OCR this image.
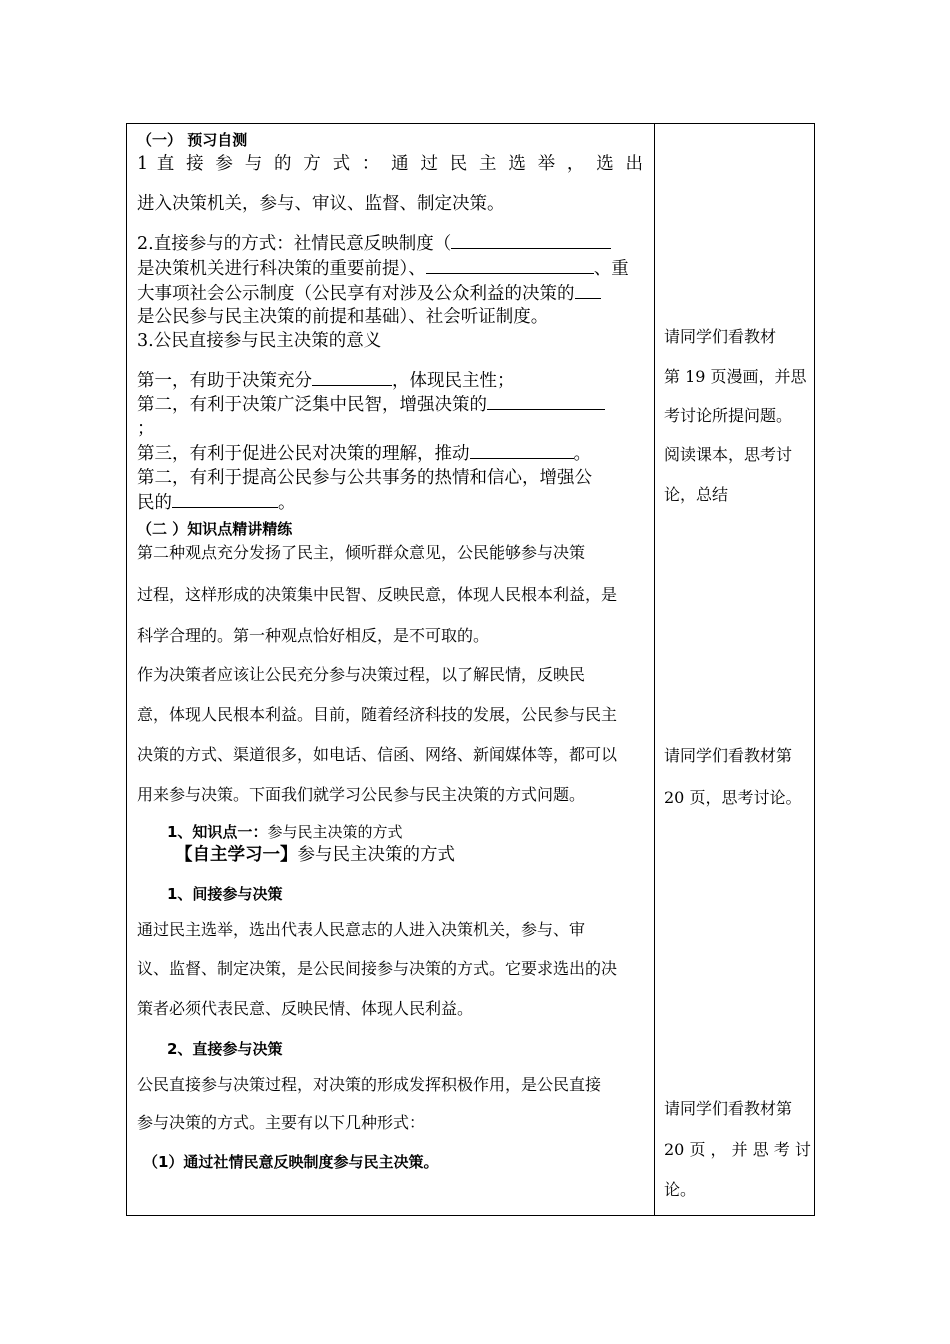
（一） 预习自测
1 直 接 参 与 的 方 式 ： 通 过 民 主 选 举 ， 选 出
进入决策机关，参与、审议、监督、制定决策。
2.直接参与的方式：社情民意反映制度（
是决策机关进行科决策的重要前提）、	、重
大事项社会公示制度（公民享有对涉及公众利益的决策的
是公民参与民主决策的前提和基础）、社会听证制度。
3.公民直接参与民主决策的意义
第一，有助于决策充分	，体现民主性；
第二，有利于决策广泛集中民智，增强决策的
；
第三，有利于促进公民对决策的理解，推动	。
第二，有利于提高公民参与公共事务的热情和信心，增强公
民的	。
（二 ）知识点精讲精练
第二种观点充分发扬了民主，倾听群众意见，公民能够参与决策
过程，这样形成的决策集中民智、反映民意，体现人民根本利益，是
科学合理的。第一种观点恰好相反，是不可取的。
作为决策者应该让公民充分参与决策过程，以了解民情，反映民
意，体现人民根本利益。目前，随着经济科技的发展，公民参与民主
决策的方式、渠道很多，如电话、信函、网络、新闻媒体等，都可以
用来参与决策。下面我们就学习公民参与民主决策的方式问题。
1、知识点一：参与民主决策的方式
【自主学习一】参与民主决策的方式
1、间接参与决策
通过民主选举，选出代表人民意志的人进入决策机关，参与、审
议、监督、制定决策，是公民间接参与决策的方式。它要求选出的决
策者必须代表民意、反映民情、体现人民利益。
2、直接参与决策
公民直接参与决策过程，对决策的形成发挥积极作用，是公民直接
参与决策的方式。主要有以下几种形式：
（1）通过社情民意反映制度参与民主决策。
请同学们看教材
第 19 页漫画，并思
考讨论所提问题。
阅读课本，思考讨
论，总结
请同学们看教材第
20 页，思考讨论。
请同学们看教材第
20 页 ， 并 思 考 讨
论。
